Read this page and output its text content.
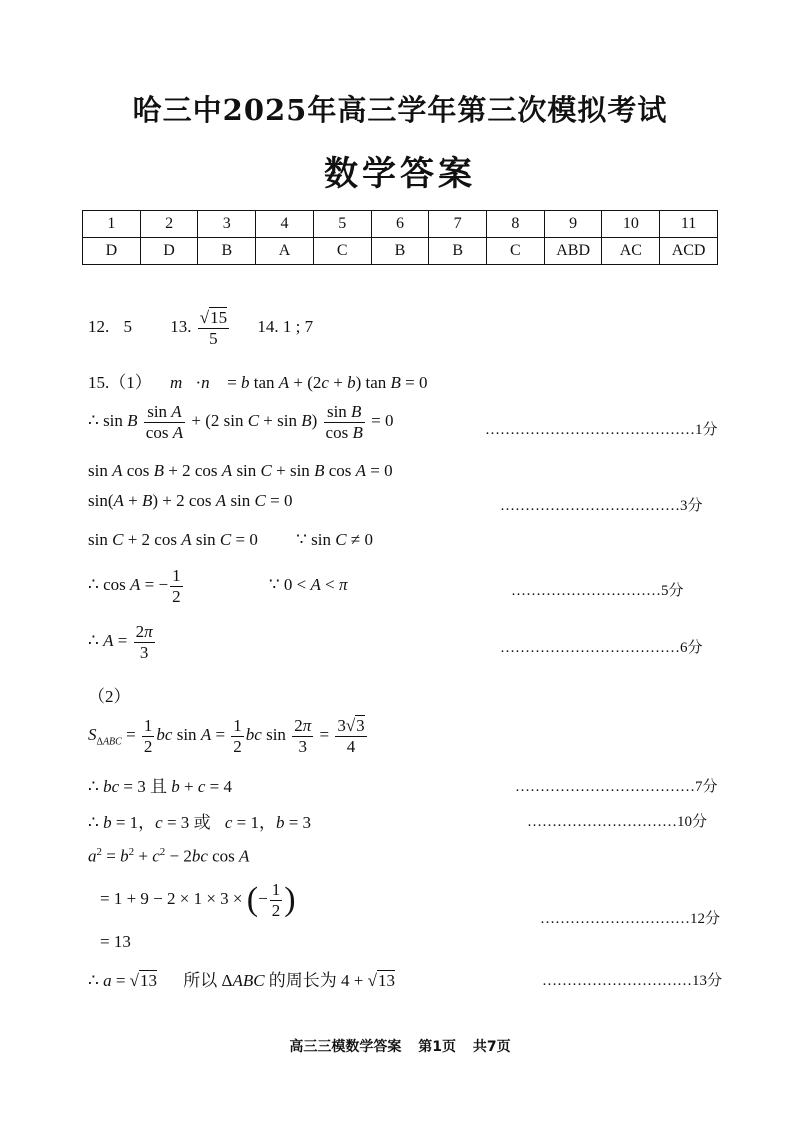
哈三中2025年高三学年第三次模拟考试
数学答案
1	2	3	4	5	6	7	8	9	10	11
D	D	B	A	C	B	B	C	ABD	AC	ACD
12. 5 13. $\frac{√15}{5} 14$. 1 ; 7
15.（1） m⃗·n⃗ = b tan A + (2c + b) tan B = 0
∴ sin B $\frac{\text{sin A}}{\text{cos A}} + (2$ $\sin C + \sin B) \frac{\text{sin B}}{\text{cos B}} = 0$
……………………………………1分
sin A cos B + 2 cos A sin C + sin B cos A = 0
sin(A + B) + 2 cos A sin C = 0	………………………………3分
sin C + 2 cos A sin C = 0 ∵ sin C ≠ 0
∴ cos A = − $\frac{1}{2}$	∵ 0 < A < π	…………………………5分
∴ $A = \frac{2\pi}{3}$	………………………………6分
（2）
$S_{\Delta ABC} = \frac{1}{2}$ bc $\sin A = \frac{1}{2}$ bc $\sin \frac{2\pi}{3} = \frac{3√3}{4}$
∴ bc = 3 且 b + c = 4	………………………………7分
∴ b = 1，c = 3 或 c = 1，b = 3	…………………………10分
$a^2 = b^2 + c^2 - 2bc$ cos A
= 1 + 9 − 2 × 1 × 3 × (− $\frac{1}{2}$ )
…………………………12分
= 13
∴ a = √13 所以 ΔABC 的周长为 4 + √13	…………………………13分
高三三模数学答案 第1页 共7页
